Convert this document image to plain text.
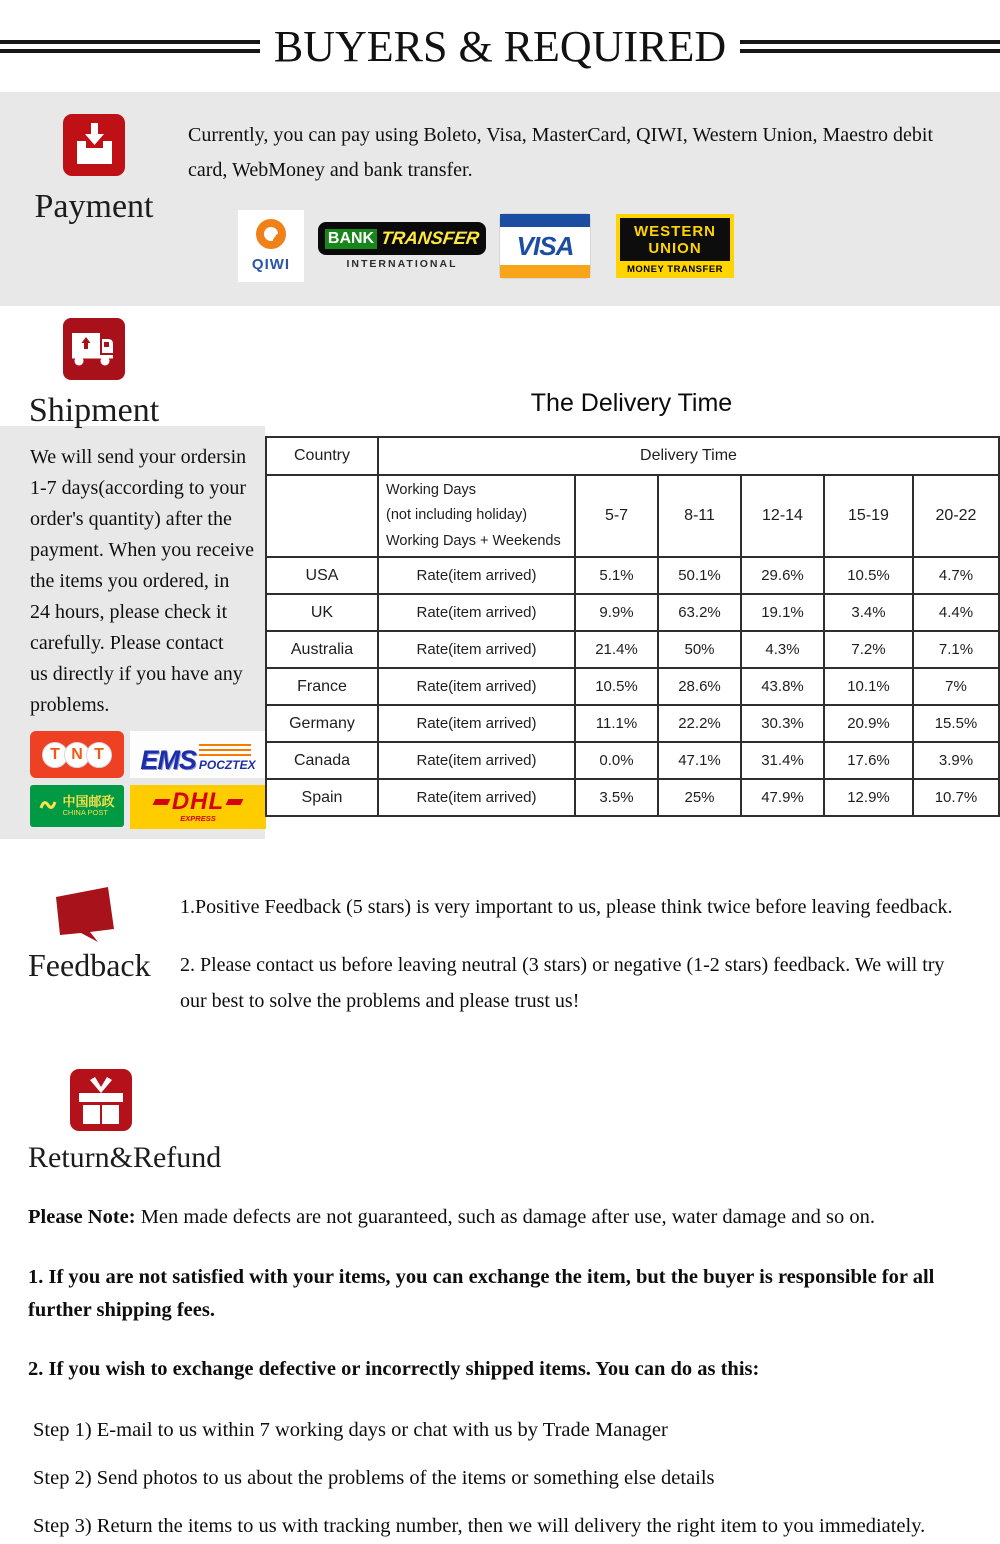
BUYERS & REQUIRED
Payment
Currently, you can pay using Boleto, Visa, MasterCard, QIWI, Western Union, Maestro debit card, WebMoney and bank transfer.
QIWI
BANK TRANSFER
INTERNATIONAL
VISA	WESTERN
UNION
MONEY TRANSFER
Shipment	The Delivery Time
We will send your ordersin
1-7 days(according to your
order's quantity) after the
payment. When you receive
the items you ordered, in
24 hours, please check it
carefully. Please contact
us directly if you have any
problems.
T N T	EMS POCZTEX
中国邮政
CHINA POST	DHL
EXPRESS
Country	Delivery Time					

	Working Days
(not including holiday)
Working Days + Weekends	5-7	8-11	12-14	15-19	20-22
USA	Rate(item arrived)	5.1%	50.1%	29.6%	10.5%	4.7%
UK	Rate(item arrived)	9.9%	63.2%	19.1%	3.4%	4.4%
Australia	Rate(item arrived)	21.4%	50%	4.3%	7.2%	7.1%
France	Rate(item arrived)	10.5%	28.6%	43.8%	10.1%	7%
Germany	Rate(item arrived)	11.1%	22.2%	30.3%	20.9%	15.5%
Canada	Rate(item arrived)	0.0%	47.1%	31.4%	17.6%	3.9%
Spain	Rate(item arrived)	3.5%	25%	47.9%	12.9%	10.7%
Feedback
1.Positive Feedback (5 stars) is very important to us, please think twice before leaving feedback.
2. Please contact us before leaving neutral (3 stars) or negative (1-2 stars) feedback. We will try our best to solve the problems and please trust us!
Return&Refund
Please Note: Men made defects are not guaranteed, such as damage after use, water damage and so on.
1. If you are not satisfied with your items, you can exchange the item, but the buyer is responsible for all further shipping fees.
2. If you wish to exchange defective or incorrectly shipped items. You can do as this:
Step 1) E-mail to us within 7 working days or chat with us by Trade Manager
Step 2) Send photos to us about the problems of the items or something else details
Step 3) Return the items to us with tracking number, then we will delivery the right item to you immediately.
